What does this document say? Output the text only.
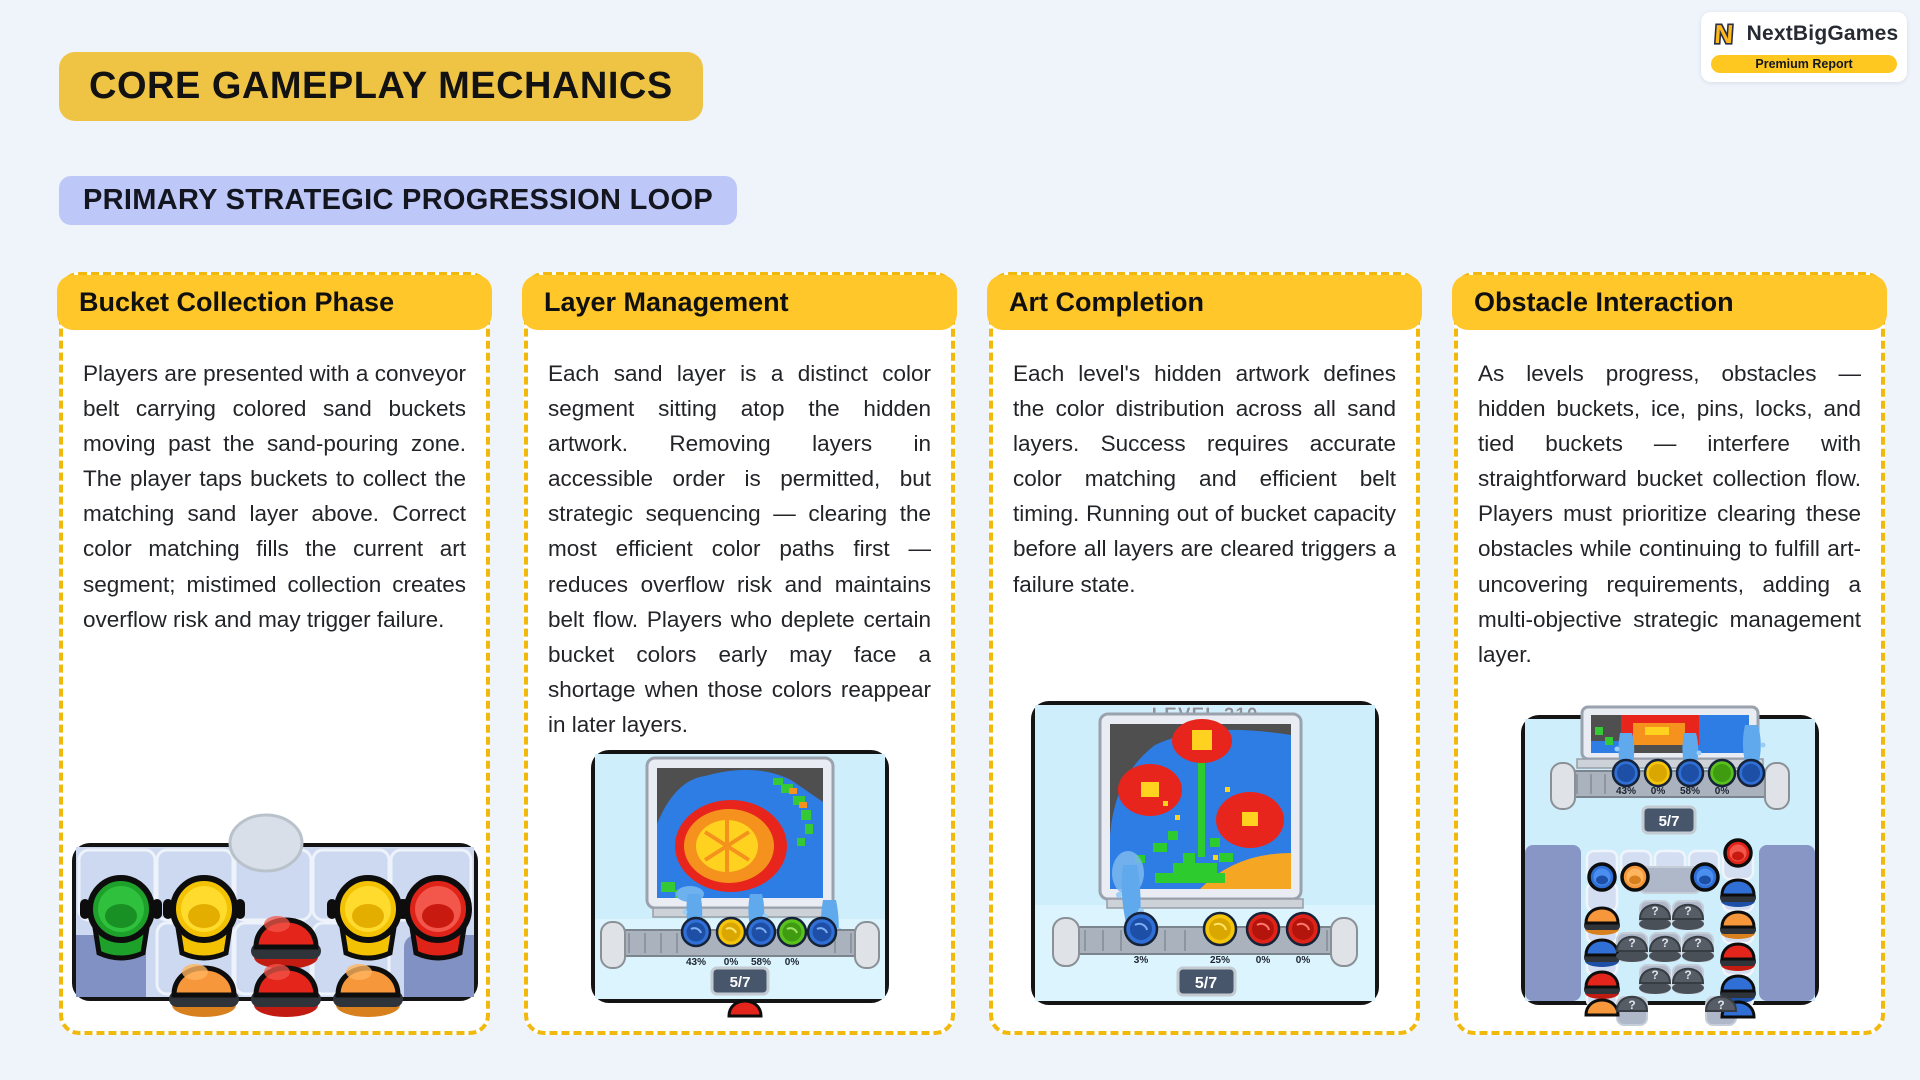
CORE GAMEPLAY MECHANICS
PRIMARY STRATEGIC PROGRESSION LOOP
N NextBigGames
Premium Report

Players are presented with a conveyor belt carrying colored sand buckets moving past the sand-pouring zone. The player taps buckets to collect the matching sand layer above. Correct color matching fills the current art segment; mistimed collection creates overflow risk and may trigger failure.

Bucket Collection Phase

Each sand layer is a distinct color segment sitting atop the hidden artwork. Removing layers in accessible order is permitted, but strategic sequencing — clearing the most efficient color paths first — reduces overflow risk and maintains belt flow. Players who deplete certain bucket colors early may face a shortage when those colors reappear in later layers.

43% 0% 58% 0%
5/7
Layer Management

Each level's hidden artwork defines the color distribution across all sand layers. Success requires accurate color matching and efficient belt timing. Running out of bucket capacity before all layers are cleared triggers a failure state.

3%	25%	0%	0%
5/7
Art Completion

As levels progress, obstacles — hidden buckets, ice, pins, locks, and tied buckets — interfere with straightforward bucket collection flow. Players must prioritize clearing these obstacles while continuing to fulfill art-uncovering requirements, adding a multi-objective strategic management layer.

43% 0% 58% 0%
5/7
? ?
? ? ?
? ?
?	?
Obstacle Interaction
